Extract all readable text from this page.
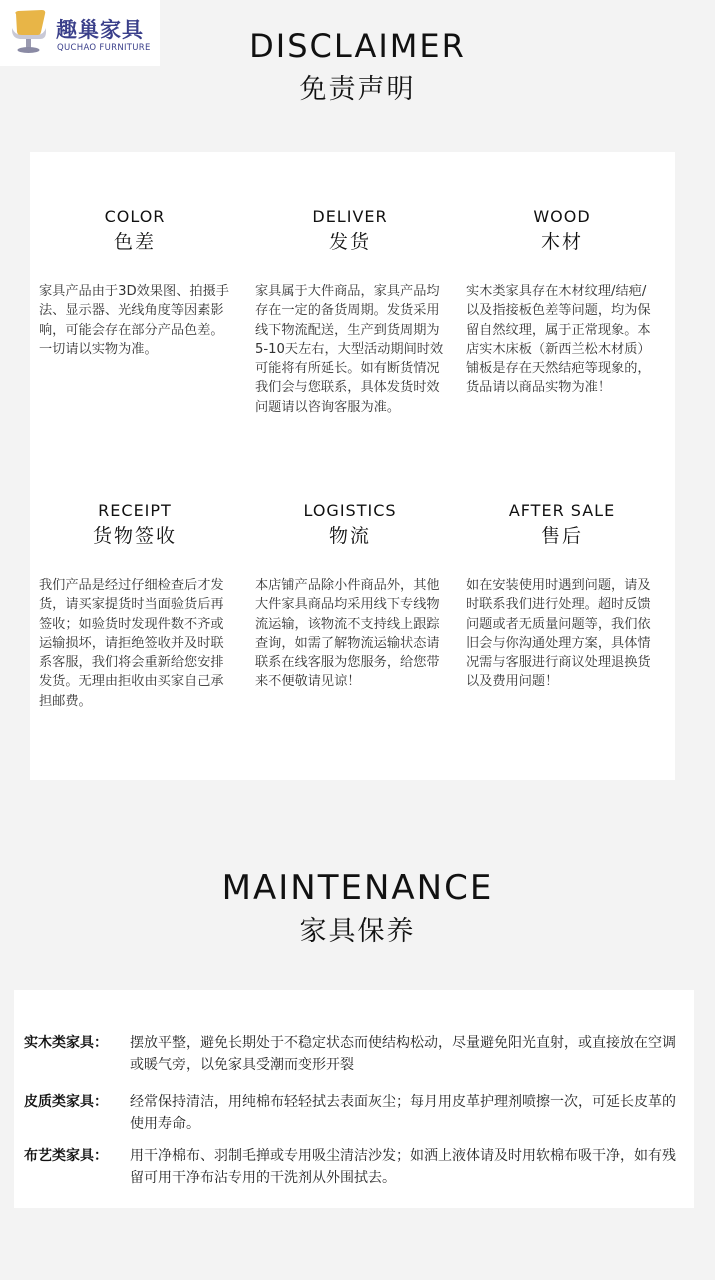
趣巢家具
QUCHAO FURNITURE	DISCLAIMER
免责声明
COLOR
色差
家具产品由于3D效果图、拍摄手法、显示器、光线角度等因素影响，可能会存在部分产品色差。一切请以实物为准。
DELIVER
发货
家具属于大件商品，家具产品均存在一定的备货周期。发货采用线下物流配送，生产到货周期为5-10天左右，大型活动期间时效可能将有所延长。如有断货情况我们会与您联系，具体发货时效问题请以咨询客服为准。
WOOD
木材
实木类家具存在木材纹理/结疤/以及指接板色差等问题，均为保留自然纹理，属于正常现象。本店实木床板（新西兰松木材质）铺板是存在天然结疤等现象的，货品请以商品实物为准！
RECEIPT
货物签收
我们产品是经过仔细检查后才发货，请买家提货时当面验货后再签收；如验货时发现件数不齐或运输损坏，请拒绝签收并及时联系客服，我们将会重新给您安排发货。无理由拒收由买家自己承担邮费。
LOGISTICS
物流
本店铺产品除小件商品外，其他大件家具商品均采用线下专线物流运输，该物流不支持线上跟踪查询，如需了解物流运输状态请联系在线客服为您服务，给您带来不便敬请见谅！
AFTER SALE
售后
如在安装使用时遇到问题，请及时联系我们进行处理。超时反馈问题或者无质量问题等，我们依旧会与你沟通处理方案，具体情况需与客服进行商议处理退换货以及费用问题！
MAINTENANCE
家具保养
实木类家具：	摆放平整，避免长期处于不稳定状态而使结构松动，尽量避免阳光直射，或直接放在空调或暖气旁，以免家具受潮而变形开裂
皮质类家具：	经常保持清洁，用纯棉布轻轻拭去表面灰尘；每月用皮革护理剂喷擦一次，可延长皮革的使用寿命。
布艺类家具：	用干净棉布、羽制毛掸或专用吸尘清洁沙发；如洒上液体请及时用软棉布吸干净，如有残留可用干净布沾专用的干洗剂从外围拭去。
